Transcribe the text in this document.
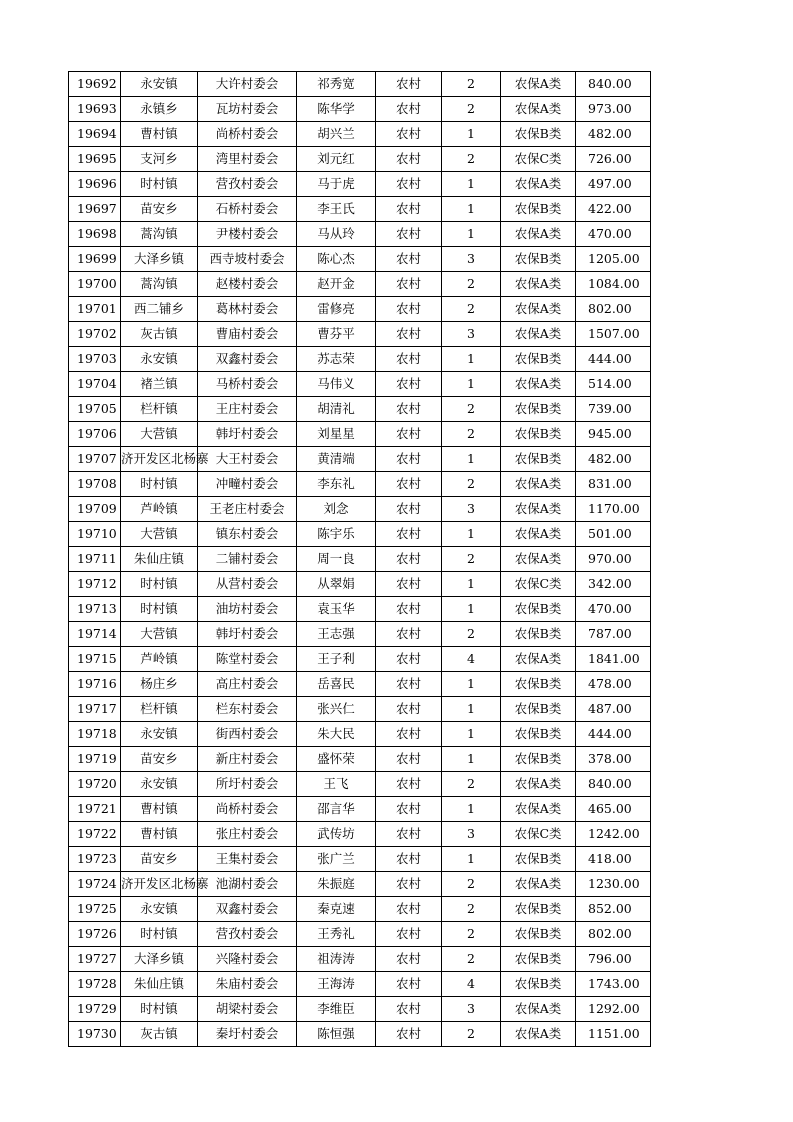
19692	永安镇	大许村委会	祁秀宽	农村	2	农保A类	840.00
19693	永镇乡	瓦坊村委会	陈华学	农村	2	农保A类	973.00
19694	曹村镇	尚桥村委会	胡兴兰	农村	1	农保B类	482.00
19695	支河乡	湾里村委会	刘元红	农村	2	农保C类	726.00
19696	时村镇	营孜村委会	马于虎	农村	1	农保A类	497.00
19697	苗安乡	石桥村委会	李王氏	农村	1	农保B类	422.00
19698	蒿沟镇	尹楼村委会	马从玲	农村	1	农保A类	470.00
19699	大泽乡镇	西寺坡村委会	陈心杰	农村	3	农保B类	1205.00
19700	蒿沟镇	赵楼村委会	赵开金	农村	2	农保A类	1084.00
19701	西二铺乡	葛林村委会	雷修亮	农村	2	农保A类	802.00
19702	灰古镇	曹庙村委会	曹芬平	农村	3	农保A类	1507.00
19703	永安镇	双鑫村委会	苏志荣	农村	1	农保B类	444.00
19704	褚兰镇	马桥村委会	马伟义	农村	1	农保A类	514.00
19705	栏杆镇	王庄村委会	胡清礼	农村	2	农保B类	739.00
19706	大营镇	韩圩村委会	刘星星	农村	2	农保B类	945.00
19707	济开发区北杨寨	大王村委会	黄清端	农村	1	农保B类	482.00
19708	时村镇	冲疃村委会	李东礼	农村	2	农保A类	831.00
19709	芦岭镇	王老庄村委会	刘念	农村	3	农保A类	1170.00
19710	大营镇	镇东村委会	陈宇乐	农村	1	农保A类	501.00
19711	朱仙庄镇	二铺村委会	周一良	农村	2	农保A类	970.00
19712	时村镇	从营村委会	从翠娟	农村	1	农保C类	342.00
19713	时村镇	油坊村委会	袁玉华	农村	1	农保B类	470.00
19714	大营镇	韩圩村委会	王志强	农村	2	农保B类	787.00
19715	芦岭镇	陈堂村委会	王子利	农村	4	农保A类	1841.00
19716	杨庄乡	高庄村委会	岳喜民	农村	1	农保B类	478.00
19717	栏杆镇	栏东村委会	张兴仁	农村	1	农保B类	487.00
19718	永安镇	街西村委会	朱大民	农村	1	农保B类	444.00
19719	苗安乡	新庄村委会	盛怀荣	农村	1	农保B类	378.00
19720	永安镇	所圩村委会	王飞	农村	2	农保A类	840.00
19721	曹村镇	尚桥村委会	邵言华	农村	1	农保A类	465.00
19722	曹村镇	张庄村委会	武传坊	农村	3	农保C类	1242.00
19723	苗安乡	王集村委会	张广兰	农村	1	农保B类	418.00
19724	济开发区北杨寨	池湖村委会	朱振庭	农村	2	农保A类	1230.00
19725	永安镇	双鑫村委会	秦克速	农村	2	农保B类	852.00
19726	时村镇	营孜村委会	王秀礼	农村	2	农保B类	802.00
19727	大泽乡镇	兴隆村委会	祖涛涛	农村	2	农保B类	796.00
19728	朱仙庄镇	朱庙村委会	王海涛	农村	4	农保B类	1743.00
19729	时村镇	胡梁村委会	李维臣	农村	3	农保A类	1292.00
19730	灰古镇	秦圩村委会	陈恒强	农村	2	农保A类	1151.00
